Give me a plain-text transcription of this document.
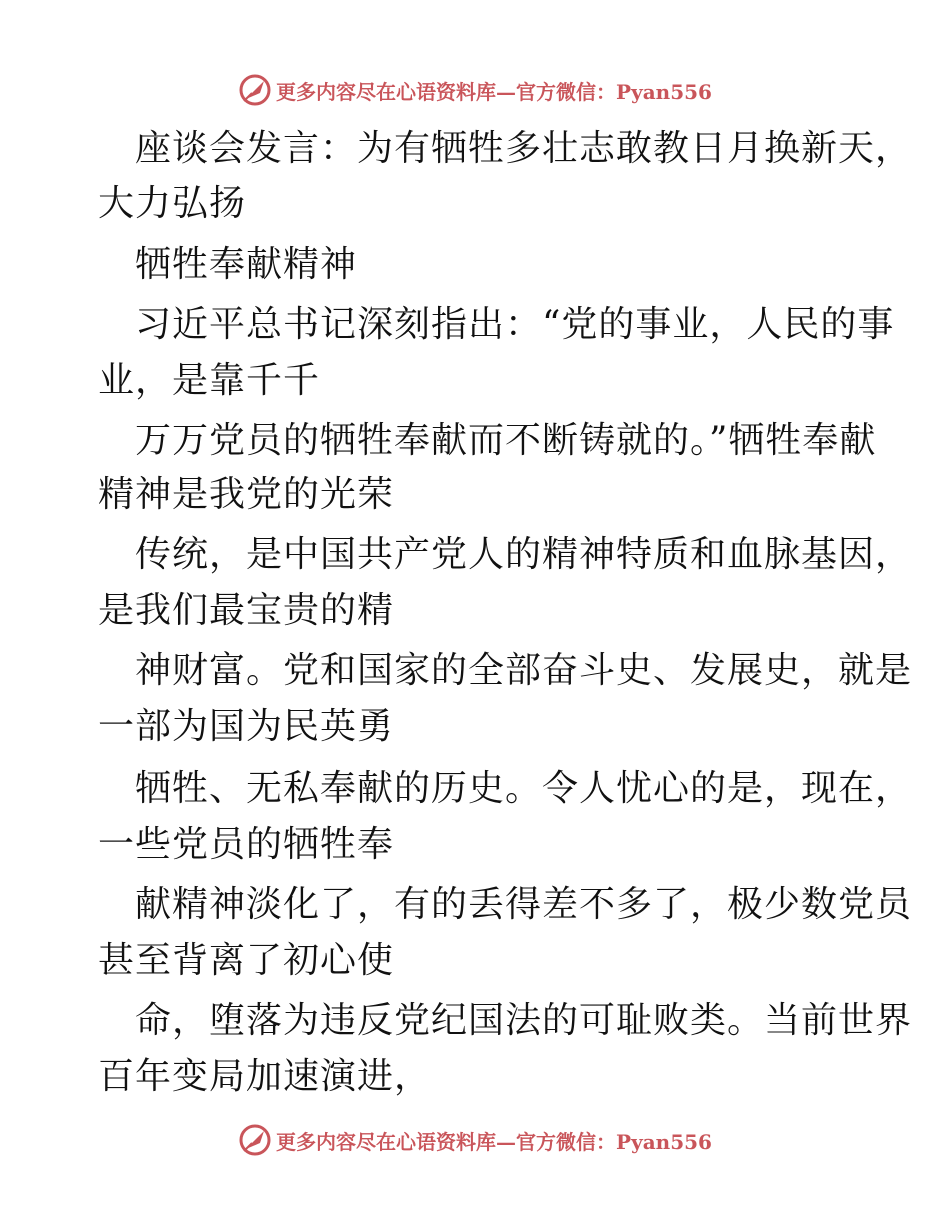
更多内容尽在心语资料库—官方微信：Pyan556
座谈会发言：为有牺牲多壮志敢教日月换新天，
大力弘扬
牺牲奉献精神
习近平总书记深刻指出：“党的事业，人民的事
业，是靠千千
万万党员的牺牲奉献而不断铸就的。”牺牲奉献
精神是我党的光荣
传统，是中国共产党人的精神特质和血脉基因，
是我们最宝贵的精
神财富。党和国家的全部奋斗史、发展史，就是
一部为国为民英勇
牺牲、无私奉献的历史。令人忧心的是，现在，
一些党员的牺牲奉
献精神淡化了，有的丢得差不多了，极少数党员
甚至背离了初心使
命，堕落为违反党纪国法的可耻败类。当前世界
百年变局加速演进，
更多内容尽在心语资料库—官方微信：Pyan556
